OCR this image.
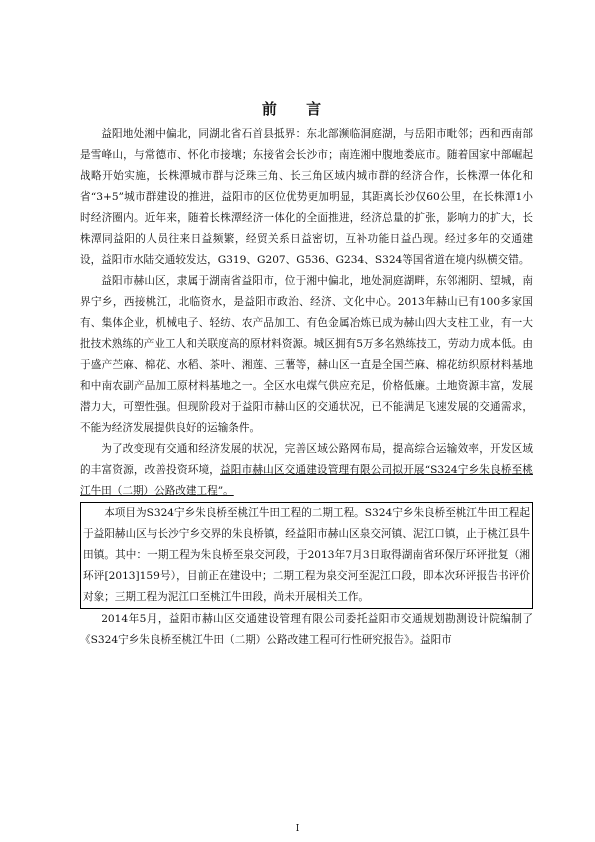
前 言

益阳地处湘中偏北，同湖北省石首县抵界：东北部濒临洞庭湖，与岳阳市毗邻；西和西南部是雪峰山，与常德市、怀化市接壤；东接省会长沙市；南连湘中腹地娄底市。随着国家中部崛起战略开始实施，长株潭城市群与泛珠三角、长三角区域内城市群的经济合作，长株潭一体化和省“3+5”城市群建设的推进，益阳市的区位优势更加明显，其距离长沙仅60公里，在长株潭1小时经济圈内。近年来，随着长株潭经济一体化的全面推进，经济总量的扩张，影响力的扩大，长株潭同益阳的人员往来日益频繁，经贸关系日益密切，互补功能日益凸现。经过多年的交通建设，益阳市水陆交通较发达，G319、G207、G536、G234、S324等国省道在境内纵横交错。

益阳市赫山区，隶属于湖南省益阳市，位于湘中偏北，地处洞庭湖畔，东邻湘阴、望城，南界宁乡，西接桃江，北临资水，是益阳市政治、经济、文化中心。2013年赫山已有100多家国有、集体企业，机械电子、轻纺、农产品加工、有色金属冶炼已成为赫山四大支柱工业，有一大批技术熟练的产业工人和关联度高的原材料资源。城区拥有5万多名熟练技工，劳动力成本低。由于盛产苎麻、棉花、水稻、茶叶、湘莲、三薯等，赫山区一直是全国苎麻、棉花纺织原材料基地和中南农副产品加工原材料基地之一。全区水电煤气供应充足，价格低廉。土地资源丰富，发展潜力大，可塑性强。但现阶段对于益阳市赫山区的交通状况，已不能满足飞速发展的交通需求，不能为经济发展提供良好的运输条件。

为了改变现有交通和经济发展的状况，完善区域公路网布局，提高综合运输效率，开发区域的丰富资源，改善投资环境，益阳市赫山区交通建设管理有限公司拟开展“S324宁乡朱良桥至桃江牛田（二期）公路改建工程”。

本项目为S324宁乡朱良桥至桃江牛田工程的二期工程。S324宁乡朱良桥至桃江牛田工程起于益阳赫山区与长沙宁乡交界的朱良桥镇，经益阳市赫山区泉交河镇、泥江口镇，止于桃江县牛田镇。其中：一期工程为朱良桥至泉交河段，于2013年7月3日取得湖南省环保厅环评批复（湘环评[2013]159号），目前正在建设中；二期工程为泉交河至泥江口段，即本次环评报告书评价对象；三期工程为泥江口至桃江牛田段，尚未开展相关工作。

2014年5月，益阳市赫山区交通建设管理有限公司委托益阳市交通规划勘测设计院编制了《S324宁乡朱良桥至桃江牛田（二期）公路改建工程可行性研究报告》。益阳市

I
